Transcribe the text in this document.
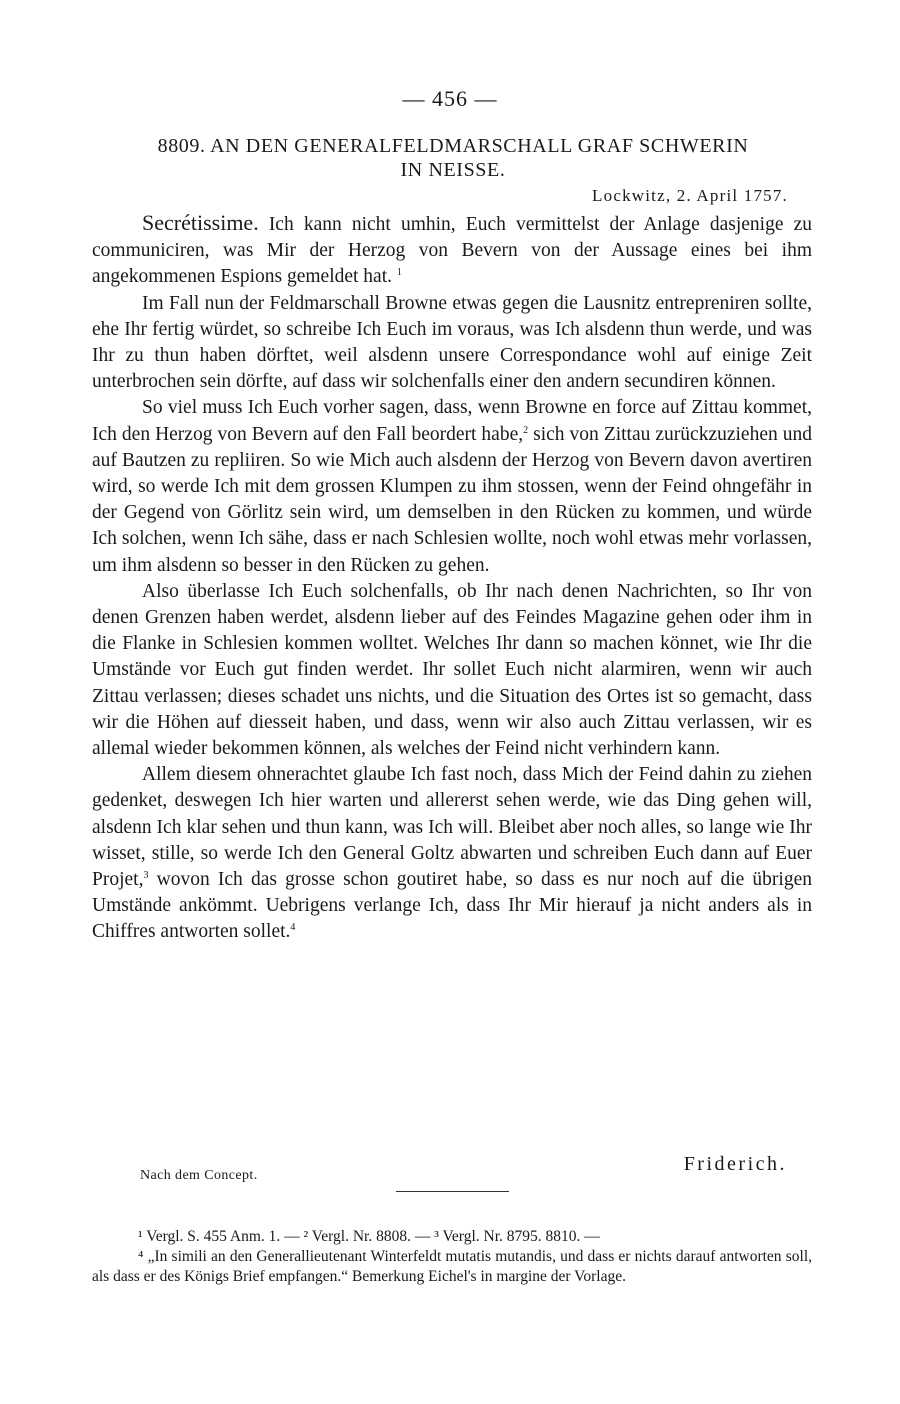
— 456 —
8809. AN DEN GENERALFELDMARSCHALL GRAF SCHWERIN
IN NEISSE.
Lockwitz, 2. April 1757.

Secrétissime. Ich kann nicht umhin, Euch vermittelst der Anlage dasjenige zu communiciren, was Mir der Herzog von Bevern von der Aussage eines bei ihm angekommenen Espions gemeldet hat. $^1$

Im Fall nun der Feldmarschall Browne etwas gegen die Lausnitz entrepreniren sollte, ehe Ihr fertig würdet, so schreibe Ich Euch im voraus, was Ich alsdenn thun werde, und was Ihr zu thun haben dörftet, weil alsdenn unsere Correspondance wohl auf einige Zeit unterbrochen sein dörfte, auf dass wir solchenfalls einer den andern secundiren können.

So viel muss Ich Euch vorher sagen, dass, wenn Browne en force auf Zittau kommet, Ich den Herzog von Bevern auf den Fall beordert habe,$^2$ sich von Zittau zurückzuziehen und auf Bautzen zu repliiren. So wie Mich auch alsdenn der Herzog von Bevern davon avertiren wird, so werde Ich mit dem grossen Klumpen zu ihm stossen, wenn der Feind ohngefähr in der Gegend von Görlitz sein wird, um demselben in den Rücken zu kommen, und würde Ich solchen, wenn Ich sähe, dass er nach Schlesien wollte, noch wohl etwas mehr vorlassen, um ihm alsdenn so besser in den Rücken zu gehen.

Also überlasse Ich Euch solchenfalls, ob Ihr nach denen Nachrichten, so Ihr von denen Grenzen haben werdet, alsdenn lieber auf des Feindes Magazine gehen oder ihm in die Flanke in Schlesien kommen wolltet. Welches Ihr dann so machen könnet, wie Ihr die Umstände vor Euch gut finden werdet. Ihr sollet Euch nicht alarmiren, wenn wir auch Zittau verlassen; dieses schadet uns nichts, und die Situation des Ortes ist so gemacht, dass wir die Höhen auf diesseit haben, und dass, wenn wir also auch Zittau verlassen, wir es allemal wieder bekommen können, als welches der Feind nicht verhindern kann.

Allem diesem ohnerachtet glaube Ich fast noch, dass Mich der Feind dahin zu ziehen gedenket, deswegen Ich hier warten und allererst sehen werde, wie das Ding gehen will, alsdenn Ich klar sehen und thun kann, was Ich will. Bleibet aber noch alles, so lange wie Ihr wisset, stille, so werde Ich den General Goltz abwarten und schreiben Euch dann auf Euer Projet,$^3$ wovon Ich das grosse schon goutiret habe, so dass es nur noch auf die übrigen Umstände ankömmt. Uebrigens verlange Ich, dass Ihr Mir hierauf ja nicht anders als in Chiffres antworten sollet.$^4$

Friderich.
Nach dem Concept.

¹ Vergl. S. 455 Anm. 1. — ² Vergl. Nr. 8808. — ³ Vergl. Nr. 8795. 8810. —

⁴ „In simili an den Generallieutenant Winterfeldt mutatis mutandis, und dass er nichts darauf antworten soll, als dass er des Königs Brief empfangen.“ Bemerkung Eichel's in margine der Vorlage.
